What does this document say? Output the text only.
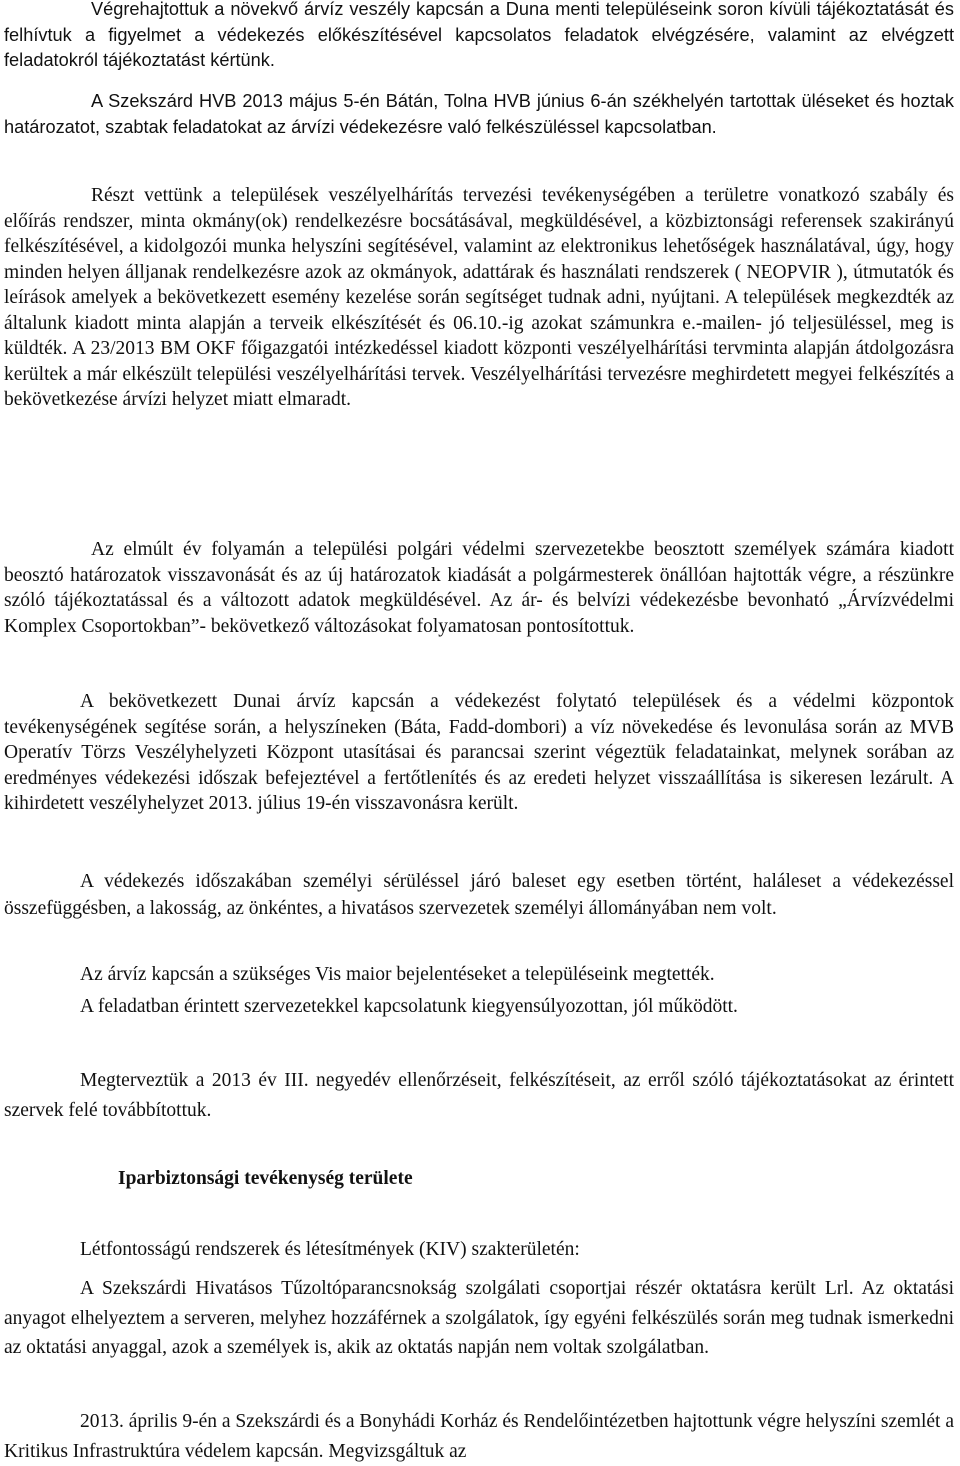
Végrehajtottuk a növekvő árvíz veszély kapcsán a Duna menti településeink soron kívüli tájékoztatását és felhívtuk a figyelmet a védekezés előkészítésével kapcsolatos feladatok elvégzésére, valamint az elvégzett feladatokról tájékoztatást kértünk.

A Szekszárd HVB 2013 május 5-én Bátán, Tolna HVB június 6-án székhelyén tartottak üléseket és hoztak határozatot, szabtak feladatokat az árvízi védekezésre való felkészüléssel kapcsolatban.

Részt vettünk a települések veszélyelhárítás tervezési tevékenységében a területre vonatkozó szabály és előírás rendszer, minta okmány(ok) rendelkezésre bocsátásával, megküldésével, a közbiztonsági referensek szakirányú felkészítésével, a kidolgozói munka helyszíni segítésével, valamint az elektronikus lehetőségek használatával, úgy, hogy minden helyen álljanak rendelkezésre azok az okmányok, adattárak és használati rendszerek ( NEOPVIR ), útmutatók és leírások amelyek a bekövetkezett esemény kezelése során segítséget tudnak adni, nyújtani. A települések megkezdték az általunk kiadott minta alapján a terveik elkészítését és 06.10.-ig azokat számunkra e.-mailen- jó teljesüléssel, meg is küldték. A 23/2013 BM OKF főigazgatói intézkedéssel kiadott központi veszélyelhárítási tervminta alapján átdolgozásra kerültek a már elkészült települési veszélyelhárítási tervek. Veszélyelhárítási tervezésre meghirdetett megyei felkészítés a bekövetkezése árvízi helyzet miatt elmaradt.

Az elmúlt év folyamán a települési polgári védelmi szervezetekbe beosztott személyek számára kiadott beosztó határozatok visszavonását és az új határozatok kiadását a polgármesterek önállóan hajtották végre, a részünkre szóló tájékoztatással és a változott adatok megküldésével. Az ár- és belvízi védekezésbe bevonható „Árvízvédelmi Komplex Csoportokban”- bekövetkező változásokat folyamatosan pontosítottuk.

A bekövetkezett Dunai árvíz kapcsán a védekezést folytató települések és a védelmi központok tevékenységének segítése során, a helyszíneken (Báta, Fadd-dombori) a víz növekedése és levonulása során az MVB Operatív Törzs Veszélyhelyzeti Központ utasításai és parancsai szerint végeztük feladatainkat, melynek sorában az eredményes védekezési időszak befejeztével a fertőtlenítés és az eredeti helyzet visszaállítása is sikeresen lezárult. A kihirdetett veszélyhelyzet 2013. július 19-én visszavonásra került.

A védekezés időszakában személyi sérüléssel járó baleset egy esetben történt, haláleset a védekezéssel összefüggésben, a lakosság, az önkéntes, a hivatásos szervezetek személyi állományában nem volt.

Az árvíz kapcsán a szükséges Vis maior bejelentéseket a településeink megtették.

A feladatban érintett szervezetekkel kapcsolatunk kiegyensúlyozottan, jól működött.

Megterveztük a 2013 év III. negyedév ellenőrzéseit, felkészítéseit, az erről szóló tájékoztatásokat az érintett szervek felé továbbítottuk.

Iparbiztonsági tevékenység területe

Létfontosságú rendszerek és létesítmények (KIV) szakterületén:

A Szekszárdi Hivatásos Tűzoltóparancsnokság szolgálati csoportjai részér oktatásra került Lrl. Az oktatási anyagot elhelyeztem a serveren, melyhez hozzáférnek a szolgálatok, így egyéni felkészülés során meg tudnak ismerkedni az oktatási anyaggal, azok a személyek is, akik az oktatás napján nem voltak szolgálatban.

2013. április 9-én a Szekszárdi és a Bonyhádi Korház és Rendelőintézetben hajtottunk végre helyszíni szemlét a Kritikus Infrastruktúra védelem kapcsán. Megvizsgáltuk az
